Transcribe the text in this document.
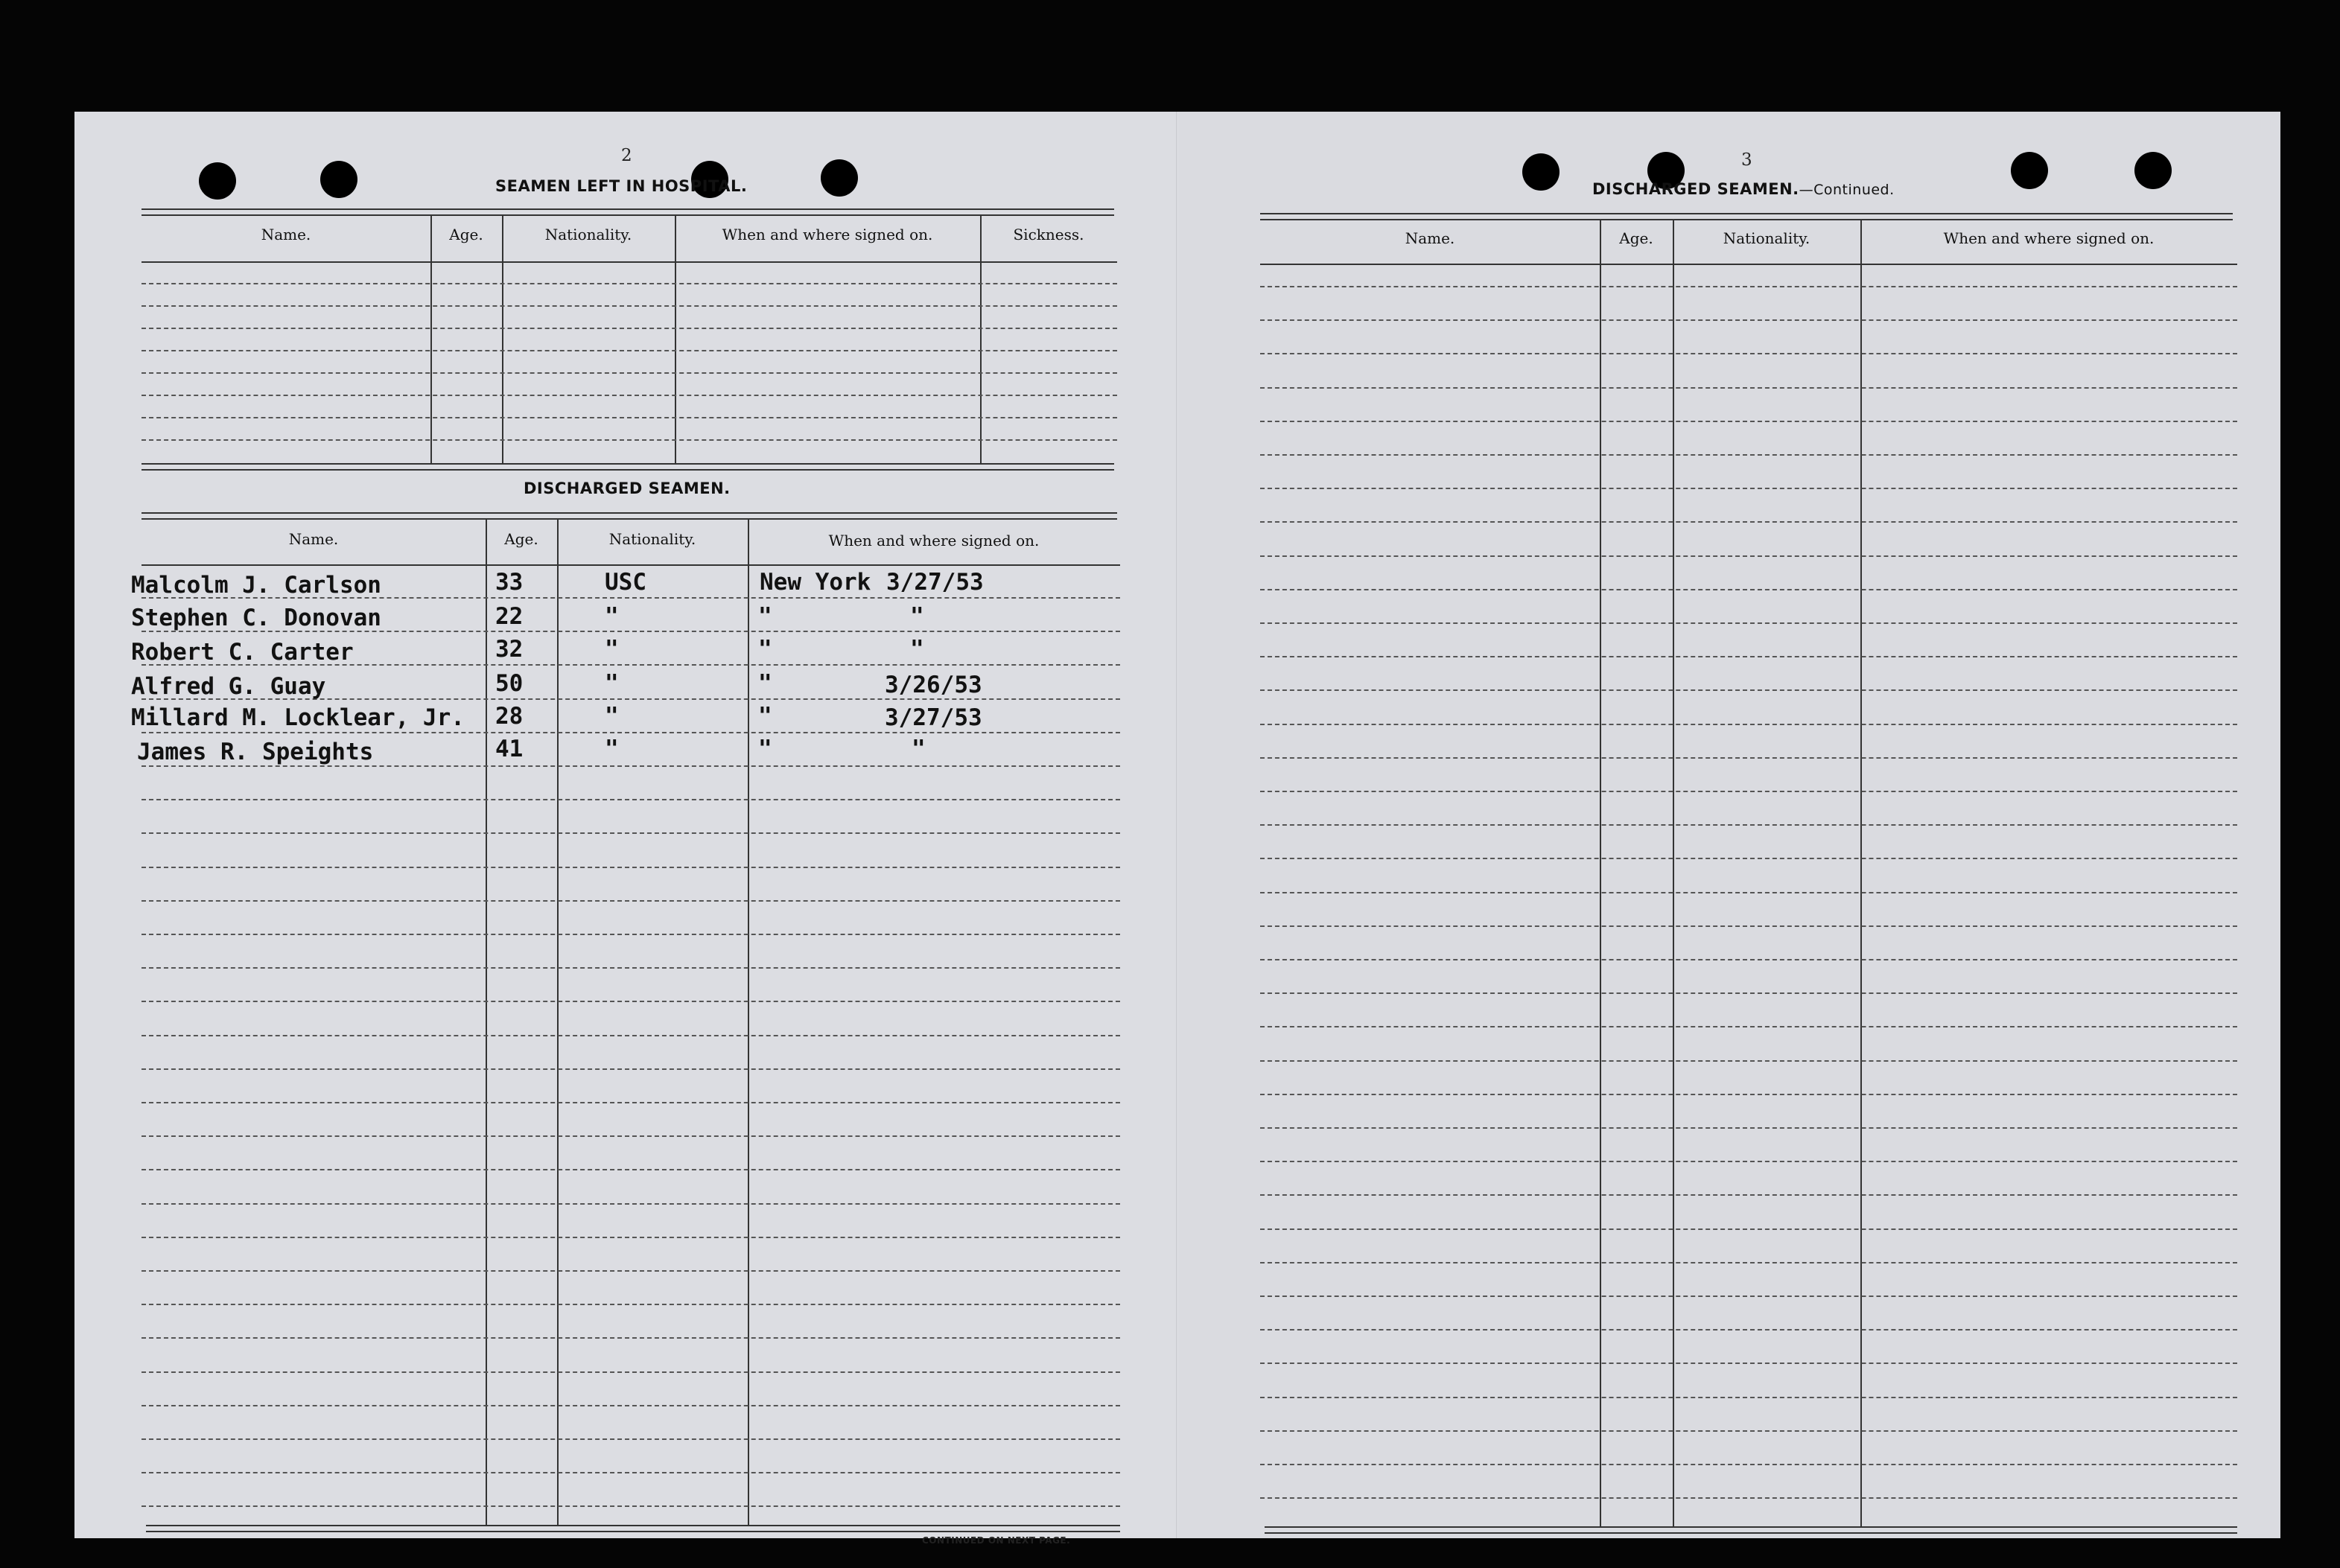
2
SEAMEN LEFT IN HOSPITAL.
Name.	Age.	Nationality.	When and where signed on.	Sickness.
DISCHARGED SEAMEN.
Name.	Age.	Nationality.	When and where signed on.
Malcolm J. Carlson	33	USC	New York 3/27/53
Stephen C. Donovan	22	"	"	"
Robert C. Carter	32	"	"	"
Alfred G. Guay	50	"	"	3/26/53
Millard M. Locklear, Jr. 28	"	"	3/27/53
James R. Speights	41	"	"	"
CONTINUED ON NEXT PAGE.
3
DISCHARGED SEAMEN.—Continued.
Name.	Age.	Nationality.	When and where signed on.
